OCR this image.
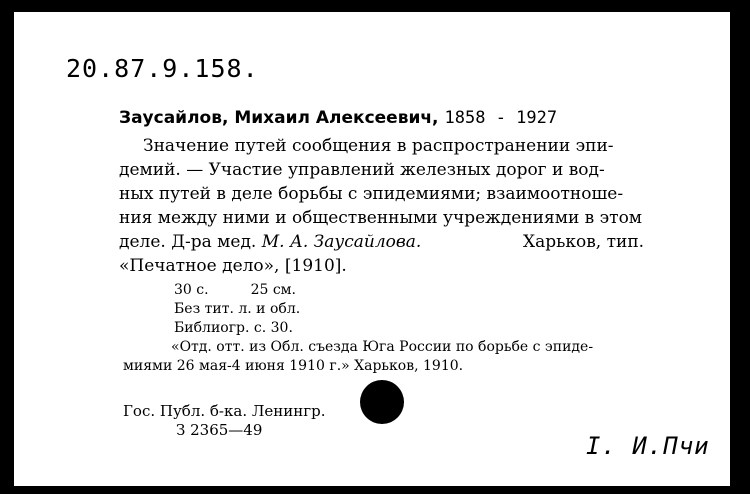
20.87.9.158.
Заусайлов, Михаил Алексеевич, 1858 - 1927
Значение путей сообщения в распространении эпи-
демий. — Участие управлений железных дорог и вод-
ных путей в деле борьбы с эпидемиями; взаимоотноше-
ния между ними и общественными учреждениями в этом
деле. Д-ра мед. М. А. Заусайлова.	Харьков, тип.
«Печатное дело», [1910].
30 с.	25 см.
Без тит. л. и обл.
Библиогр. с. 30.
«Отд. отт. из Обл. съезда Юга России по борьбе с эпиде-
миями 26 мая-4 июня 1910 г.» Харьков, 1910.
Гос. Публ. б-ка. Ленингр.
З 2365—49
I. И.Пчи
